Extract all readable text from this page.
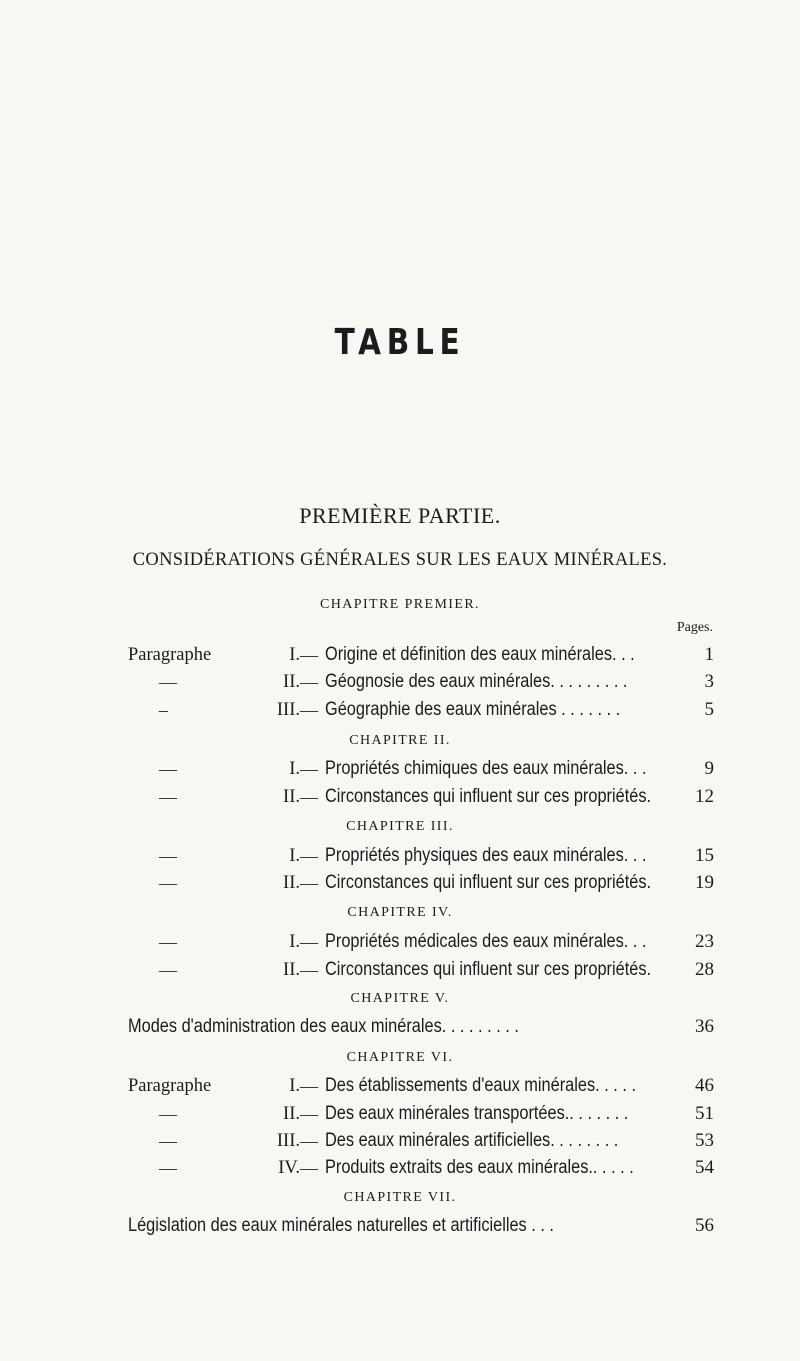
TABLE
PREMIÈRE PARTIE.
CONSIDÉRATIONS GÉNÉRALES SUR LES EAUX MINÉRALES.
CHAPITRE PREMIER.
Pages.
Paragraphe	I. — Origine et définition des eaux minérales. . .	1
—	II. — Géognosie des eaux minérales. . . . . . . . .	3
–	III. — Géographie des eaux minérales . . . . . . .	5
CHAPITRE II.
—	I. — Propriétés chimiques des eaux minérales. . .	9
—	II. — Circonstances qui influent sur ces propriétés.	12
CHAPITRE III.
—	I. — Propriétés physiques des eaux minérales. . .	15
—	II. — Circonstances qui influent sur ces propriétés.	19
CHAPITRE IV.
—	I. — Propriétés médicales des eaux minérales. . .	23
—	II. — Circonstances qui influent sur ces propriétés.	28
CHAPITRE V.
Modes d'administration des eaux minérales. . . . . . . . .	36
CHAPITRE VI.
Paragraphe	I. — Des établissements d'eaux minérales. . . . .	46
—	II. — Des eaux minérales transportées.. . . . . . .	51
—	III. — Des eaux minérales artificielles. . . . . . . .	53
—	IV. — Produits extraits des eaux minérales.. . . . .	54
CHAPITRE VII.
Législation des eaux minérales naturelles et artificielles . . .	56
